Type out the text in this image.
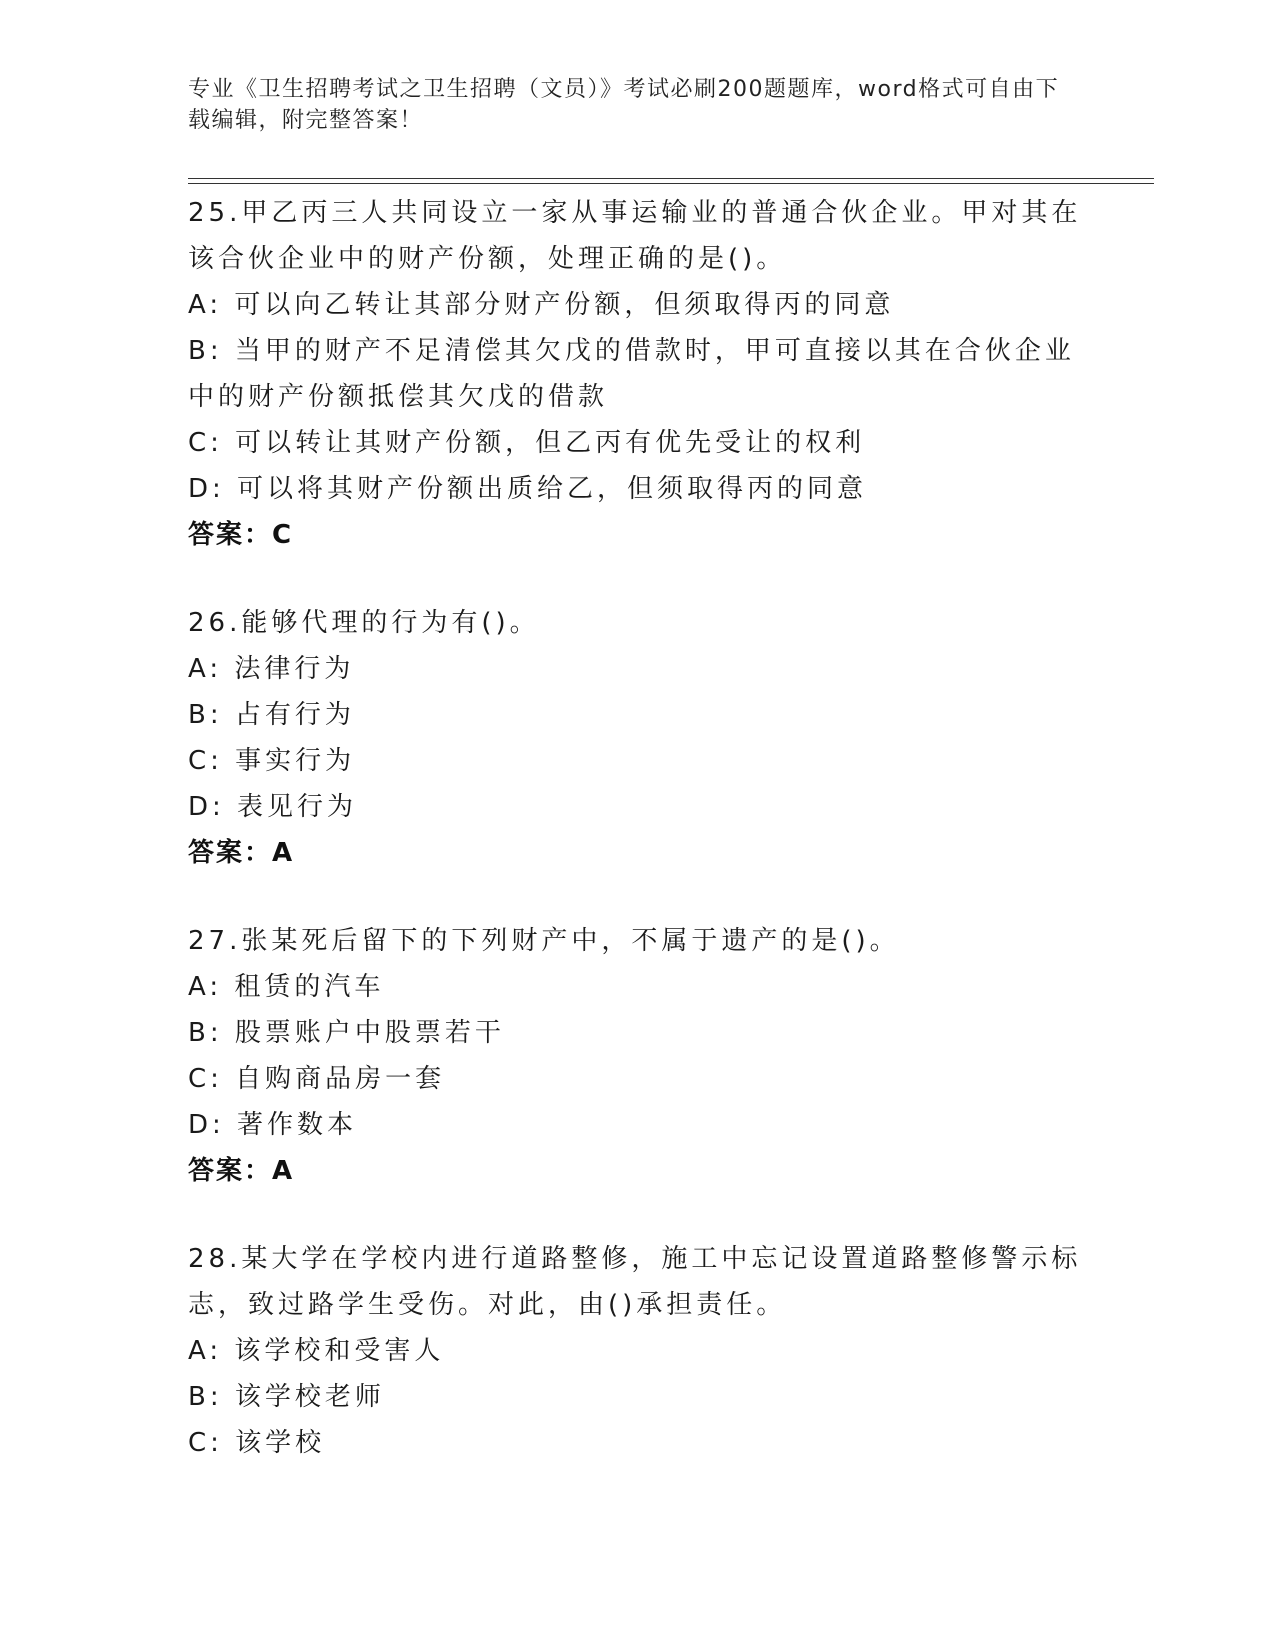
专业《卫生招聘考试之卫生招聘（文员）》考试必刷200题题库，word格式可自由下载编辑，附完整答案！
25.甲乙丙三人共同设立一家从事运输业的普通合伙企业。甲对其在该合伙企业中的财产份额，处理正确的是()。
A: 可以向乙转让其部分财产份额，但须取得丙的同意
B: 当甲的财产不足清偿其欠戊的借款时，甲可直接以其在合伙企业中的财产份额抵偿其欠戊的借款
C: 可以转让其财产份额，但乙丙有优先受让的权利
D: 可以将其财产份额出质给乙，但须取得丙的同意
答案：C
26.能够代理的行为有()。
A: 法律行为
B: 占有行为
C: 事实行为
D: 表见行为
答案：A
27.张某死后留下的下列财产中，不属于遗产的是()。
A: 租赁的汽车
B: 股票账户中股票若干
C: 自购商品房一套
D: 著作数本
答案：A
28.某大学在学校内进行道路整修，施工中忘记设置道路整修警示标志，致过路学生受伤。对此，由()承担责任。
A: 该学校和受害人
B: 该学校老师
C: 该学校
